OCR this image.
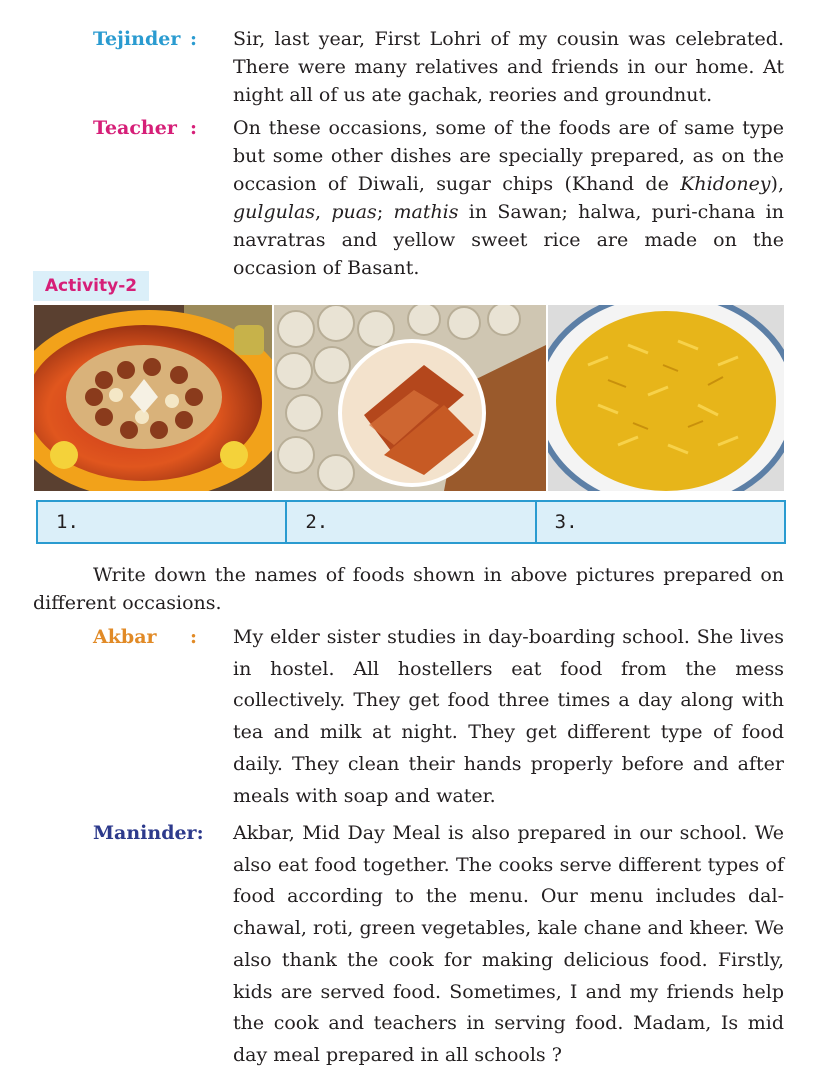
Tejinder : Sir, last year, First Lohri of my cousin was celebrated. There were many relatives and friends in our home. At night all of us ate gachak, reories and groundnut.
Teacher : On these occasions, some of the foods are of same type but some other dishes are specially prepared, as on the occasion of Diwali, sugar chips (Khand de Khidoney), gulgulas, puas; mathis in Sawan; halwa, puri-chana in navratras and yellow sweet rice are made on the occasion of Basant.
Activity-2
1.	2.	3.
Write down the names of foods shown in above pictures prepared on different occasions.
Akbar : My elder sister studies in day-boarding school. She lives in hostel. All hostellers eat food from the mess collectively. They get food three times a day along with tea and milk at night. They get different type of food daily. They clean their hands properly before and after meals with soap and water.
Maninder: Akbar, Mid Day Meal is also prepared in our school. We also eat food together. The cooks serve different types of food according to the menu. Our menu includes dal-chawal, roti, green vegetables, kale chane and kheer. We also thank the cook for making delicious food. Firstly, kids are served food. Sometimes, I and my friends help the cook and teachers in serving food. Madam, Is mid day meal prepared in all schools ?
